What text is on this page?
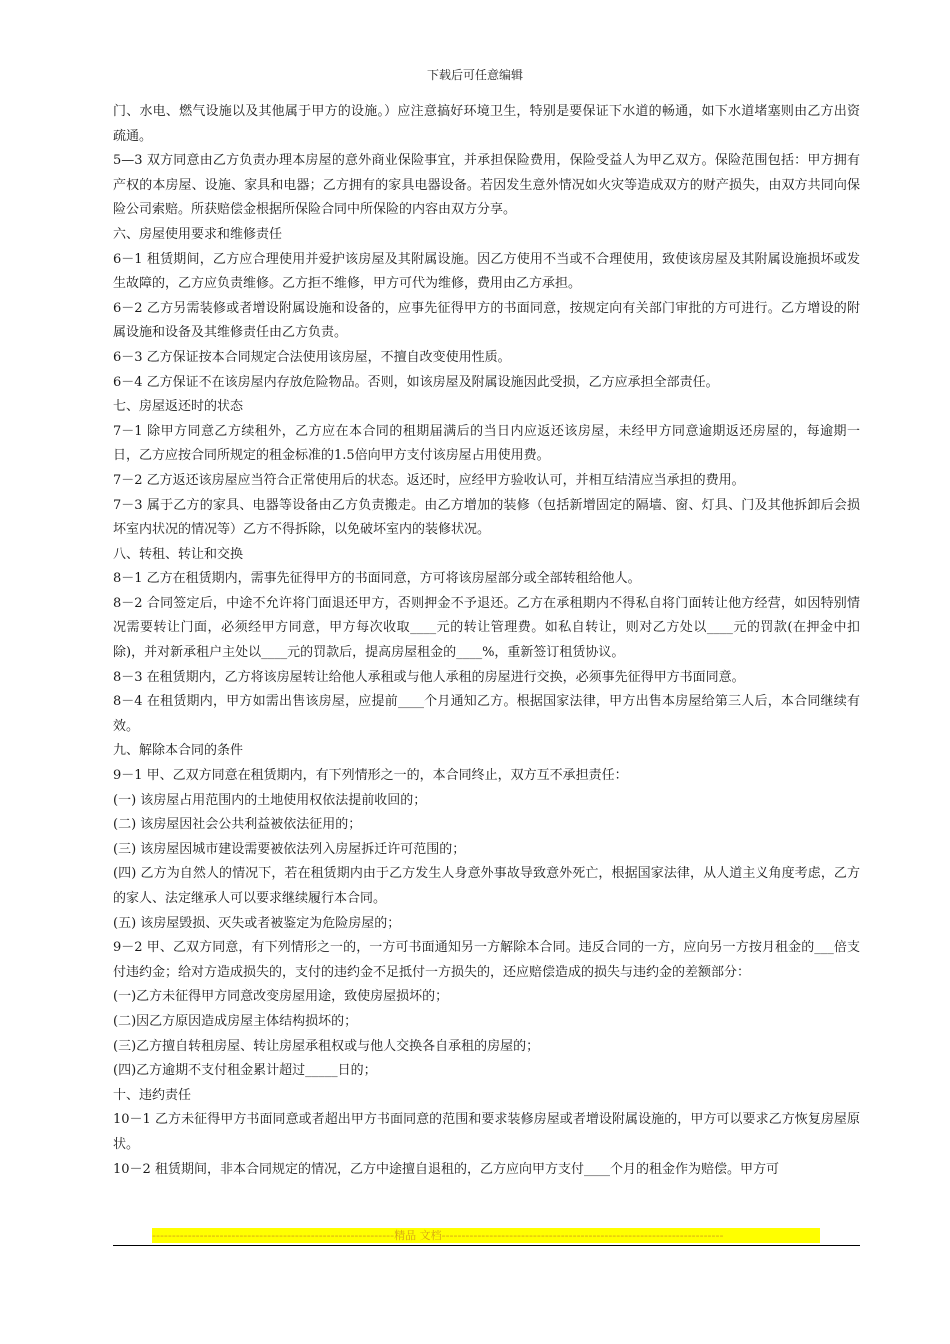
下载后可任意编辑

门、水电、燃气设施以及其他属于甲方的设施。）应注意搞好环境卫生，特别是要保证下水道的畅通，如下水道堵塞则由乙方出资疏通。

5—3 双方同意由乙方负责办理本房屋的意外商业保险事宜，并承担保险费用，保险受益人为甲乙双方。保险范围包括：甲方拥有产权的本房屋、设施、家具和电器；乙方拥有的家具电器设备。若因发生意外情况如火灾等造成双方的财产损失，由双方共同向保险公司索赔。所获赔偿金根据所保险合同中所保险的内容由双方分享。

六、房屋使用要求和维修责任

6－1 租赁期间，乙方应合理使用并爱护该房屋及其附属设施。因乙方使用不当或不合理使用，致使该房屋及其附属设施损坏或发生故障的，乙方应负责维修。乙方拒不维修，甲方可代为维修，费用由乙方承担。

6－2 乙方另需装修或者增设附属设施和设备的，应事先征得甲方的书面同意，按规定向有关部门审批的方可进行。乙方增设的附属设施和设备及其维修责任由乙方负责。

6－3 乙方保证按本合同规定合法使用该房屋，不擅自改变使用性质。

6－4 乙方保证不在该房屋内存放危险物品。否则，如该房屋及附属设施因此受损，乙方应承担全部责任。

七、房屋返还时的状态

7－1 除甲方同意乙方续租外，乙方应在本合同的租期届满后的当日内应返还该房屋，未经甲方同意逾期返还房屋的，每逾期一日，乙方应按合同所规定的租金标准的1.5倍向甲方支付该房屋占用使用费。

7－2 乙方返还该房屋应当符合正常使用后的状态。返还时，应经甲方验收认可，并相互结清应当承担的费用。

7－3 属于乙方的家具、电器等设备由乙方负责搬走。由乙方增加的装修（包括新增固定的隔墙、窗、灯具、门及其他拆卸后会损坏室内状况的情况等）乙方不得拆除，以免破坏室内的装修状况。

八、转租、转让和交换

8－1 乙方在租赁期内，需事先征得甲方的书面同意，方可将该房屋部分或全部转租给他人。

8－2 合同签定后，中途不允许将门面退还甲方，否则押金不予退还。乙方在承租期内不得私自将门面转让他方经营，如因特别情况需要转让门面，必须经甲方同意，甲方每次收取____元的转让管理费。如私自转让，则对乙方处以____元的罚款(在押金中扣除)，并对新承租户主处以____元的罚款后，提高房屋租金的____%，重新签订租赁协议。

8－3 在租赁期内，乙方将该房屋转让给他人承租或与他人承租的房屋进行交换，必须事先征得甲方书面同意。

8－4 在租赁期内，甲方如需出售该房屋，应提前____个月通知乙方。根据国家法律，甲方出售本房屋给第三人后，本合同继续有效。

九、解除本合同的条件

9－1 甲、乙双方同意在租赁期内，有下列情形之一的，本合同终止，双方互不承担责任：

(一) 该房屋占用范围内的土地使用权依法提前收回的；

(二) 该房屋因社会公共利益被依法征用的；

(三) 该房屋因城市建设需要被依法列入房屋拆迁许可范围的；

(四) 乙方为自然人的情况下，若在租赁期内由于乙方发生人身意外事故导致意外死亡，根据国家法律，从人道主义角度考虑，乙方的家人、法定继承人可以要求继续履行本合同。

(五) 该房屋毁损、灭失或者被鉴定为危险房屋的；

9－2 甲、乙双方同意，有下列情形之一的，一方可书面通知另一方解除本合同。违反合同的一方，应向另一方按月租金的___倍支付违约金；给对方造成损失的，支付的违约金不足抵付一方损失的，还应赔偿造成的损失与违约金的差额部分：

(一)乙方未征得甲方同意改变房屋用途，致使房屋损坏的；

(二)因乙方原因造成房屋主体结构损坏的；

(三)乙方擅自转租房屋、转让房屋承租权或与他人交换各自承租的房屋的；

(四)乙方逾期不支付租金累计超过_____日的；

十、违约责任

10－1 乙方未征得甲方书面同意或者超出甲方书面同意的范围和要求装修房屋或者增设附属设施的，甲方可以要求乙方恢复房屋原状。

10－2 租赁期间，非本合同规定的情况，乙方中途擅自退租的，乙方应向甲方支付____个月的租金作为赔偿。甲方可

-------------------------------------------------------------精品 文档-----------------------------------------------------------------------
